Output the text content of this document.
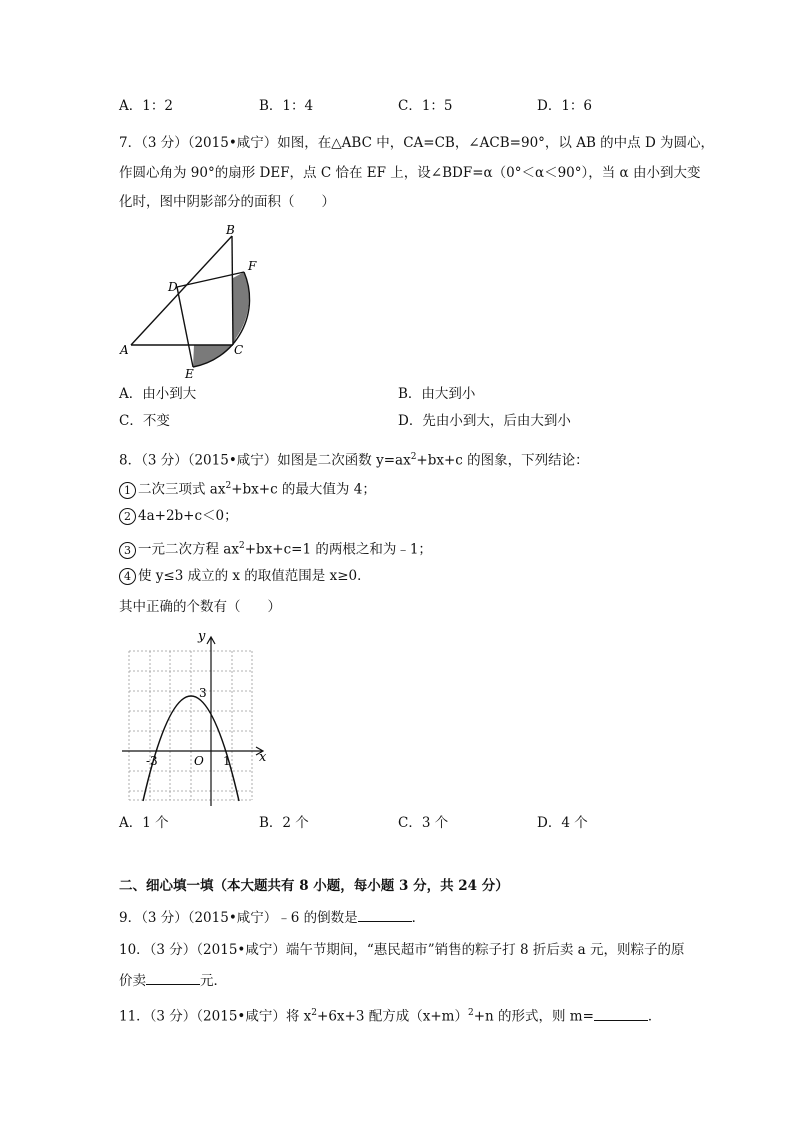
A．1：2	B．1：4	C．1：5	D．1：6
7．（3 分）（2015•咸宁）如图，在△ABC 中，CA=CB，∠ACB=90°，以 AB 的中点 D 为圆心，
作圆心角为 90°的扇形 DEF，点 C 恰在 EF 上，设∠BDF=α（0°＜α＜90°），当 α 由小到大变
化时，图中阴影部分的面积（　　）
B
F
D
A	C
E
A．由小到大	B．由大到小
C．不变	D．先由小到大，后由大到小
8．（3 分）（2015•咸宁）如图是二次函数 $y=ax^2+bx+c$ 的图象，下列结论：
1 二次三项式 $ax^2+bx+c$ 的最大值为 4；
2 4a+2b+c＜0；
3 一元二次方程 $ax^2+bx+c=1$ 的两根之和为﹣1；
4 使 y≤3 成立的 x 的取值范围是 x≥0．
其中正确的个数有（　　）
y
x
3
-3	O 1
A．1 个	B．2 个	C．3 个	D．4 个
二、细心填一填（本大题共有 8 小题，每小题 3 分，共 24 分）
9．（3 分）（2015•咸宁）﹣6 的倒数是	．
10．（3 分）（2015•咸宁）端午节期间，“惠民超市”销售的粽子打 8 折后卖 a 元，则粽子的原
价卖	元．
11．（3 分）（2015•咸宁）将 $x^2+6x+3$ 配方成$(x+m)^2+n$ 的形式，则 m=	．
